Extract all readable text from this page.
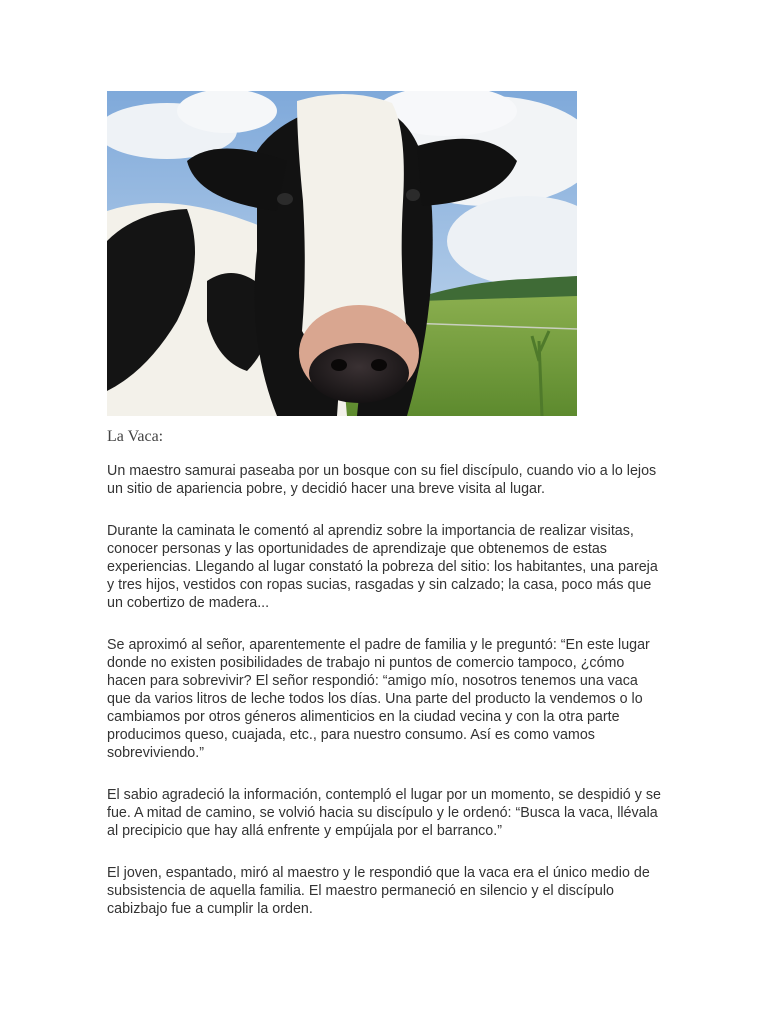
La Vaca:

Un maestro samurai paseaba por un bosque con su fiel discípulo, cuando vio a lo lejos un sitio de apariencia pobre, y decidió hacer una breve visita al lugar.

Durante la caminata le comentó al aprendiz sobre la importancia de realizar visitas, conocer personas y las oportunidades de aprendizaje que obtenemos de estas experiencias. Llegando al lugar constató la pobreza del sitio: los habitantes, una pareja y tres hijos, vestidos con ropas sucias, rasgadas y sin calzado; la casa, poco más que un cobertizo de madera...

Se aproximó al señor, aparentemente el padre de familia y le preguntó: “En este lugar donde no existen posibilidades de trabajo ni puntos de comercio tampoco, ¿cómo hacen para sobrevivir? El señor respondió: “amigo mío, nosotros tenemos una vaca que da varios litros de leche todos los días. Una parte del producto la vendemos o lo cambiamos por otros géneros alimenticios en la ciudad vecina y con la otra parte producimos queso, cuajada, etc., para nuestro consumo. Así es como vamos sobreviviendo.”

El sabio agradeció la información, contempló el lugar por un momento, se despidió y se fue. A mitad de camino, se volvió hacia su discípulo y le ordenó: “Busca la vaca, llévala al precipicio que hay allá enfrente y empújala por el barranco.”

El joven, espantado, miró al maestro y le respondió que la vaca era el único medio de subsistencia de aquella familia. El maestro permaneció en silencio y el discípulo cabizbajo fue a cumplir la orden.
